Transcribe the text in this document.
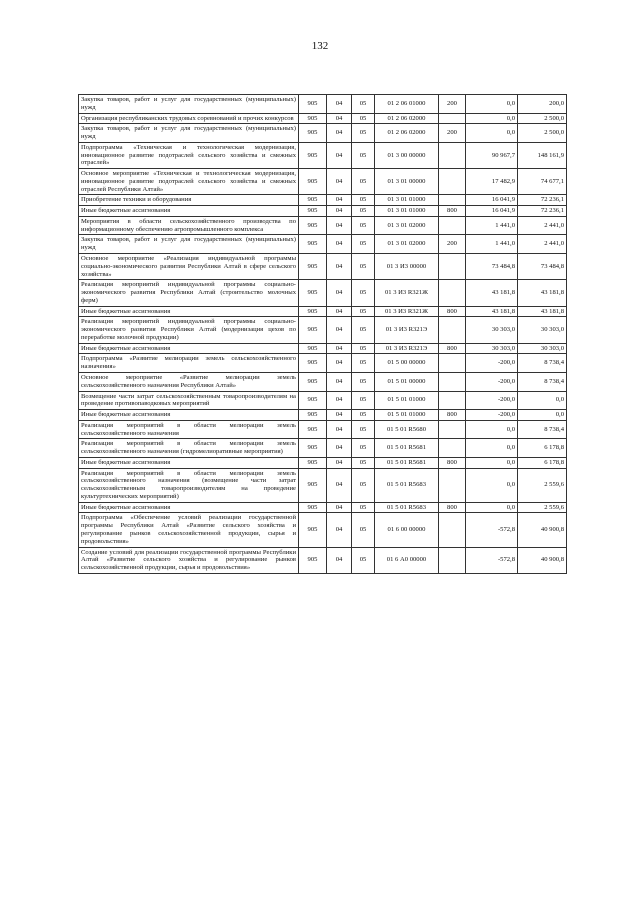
132
Закупка товаров, работ и услуг для государственных (муниципальных) нужд	905	04	05	01 2 06 01000	200	0,0	200,0
Организация республиканских трудовых соревнований и прочих конкурсов	905	04	05	01 2 06 02000		0,0	2 500,0
Закупка товаров, работ и услуг для государственных (муниципальных) нужд	905	04	05	01 2 06 02000	200	0,0	2 500,0
Подпрограмма «Техническая и технологическая модернизация, инновационное развитие подотраслей сельского хозяйства и смежных отраслей»	905	04	05	01 3 00 00000		90 967,7	148 161,9
Основное мероприятие «Техническая и технологическая модернизация, инновационное развитие подотраслей сельского хозяйства и смежных отраслей Республики Алтай»	905	04	05	01 3 01 00000		17 482,9	74 677,1
Приобретение техники и оборудования	905	04	05	01 3 01 01000		16 041,9	72 236,1
Иные бюджетные ассигнования	905	04	05	01 3 01 01000	800	16 041,9	72 236,1
Мероприятия в области сельскохозяйственного производства по информационному обеспечению агропромышленного комплекса	905	04	05	01 3 01 02000		1 441,0	2 441,0
Закупка товаров, работ и услуг для государственных (муниципальных) нужд	905	04	05	01 3 01 02000	200	1 441,0	2 441,0
Основное мероприятие «Реализация индивидуальной программы социально-экономического развития Республики Алтай в сфере сельского хозяйства»	905	04	05	01 3 И3 00000		73 484,8	73 484,8
Реализация мероприятий индивидуальной программы социально-экономического развития Республики Алтай (строительство молочных ферм)	905	04	05	01 3 И3 R321Ж		43 181,8	43 181,8
Иные бюджетные ассигнования	905	04	05	01 3 И3 R321Ж	800	43 181,8	43 181,8
Реализация мероприятий индивидуальной программы социально-экономического развития Республики Алтай (модернизация цехов по переработке молочной продукции)	905	04	05	01 3 И3 R321Э		30 303,0	30 303,0
Иные бюджетные ассигнования	905	04	05	01 3 И3 R321Э	800	30 303,0	30 303,0
Подпрограмма «Развитие мелиорации земель сельскохозяйственного назначения»	905	04	05	01 5 00 00000		-200,0	8 738,4
Основное мероприятие «Развитие мелиорации земель сельскохозяйственного назначения Республики Алтай»	905	04	05	01 5 01 00000		-200,0	8 738,4
Возмещение части затрат сельскохозяйственным товаропроизводителям на проведение противопаводковых мероприятий	905	04	05	01 5 01 01000		-200,0	0,0
Иные бюджетные ассигнования	905	04	05	01 5 01 01000	800	-200,0	0,0
Реализация мероприятий в области мелиорации земель сельскохозяйственного назначения	905	04	05	01 5 01 R5680		0,0	8 738,4
Реализация мероприятий в области мелиорации земель сельскохозяйственного назначения (гидромелиоративные мероприятия)	905	04	05	01 5 01 R5681		0,0	6 178,8
Иные бюджетные ассигнования	905	04	05	01 5 01 R5681	800	0,0	6 178,8
Реализация мероприятий в области мелиорации земель сельскохозяйственного назначения (возмещение части затрат сельскохозяйственным товаропроизводителям на проведение культуртехнических мероприятий)	905	04	05	01 5 01 R5683		0,0	2 559,6
Иные бюджетные ассигнования	905	04	05	01 5 01 R5683	800	0,0	2 559,6
Подпрограмма «Обеспечение условий реализации государственной программы Республики Алтай «Развитие сельского хозяйства и регулирование рынков сельскохозяйственной продукции, сырья и продовольствия»	905	04	05	01 6 00 00000		-572,8	40 900,8
Создание условий для реализации государственной программы Республики Алтай «Развитие сельского хозяйства и регулирование рынков сельскохозяйственной продукции, сырья и продовольствия»	905	04	05	01 6 А0 00000		-572,8	40 900,8
